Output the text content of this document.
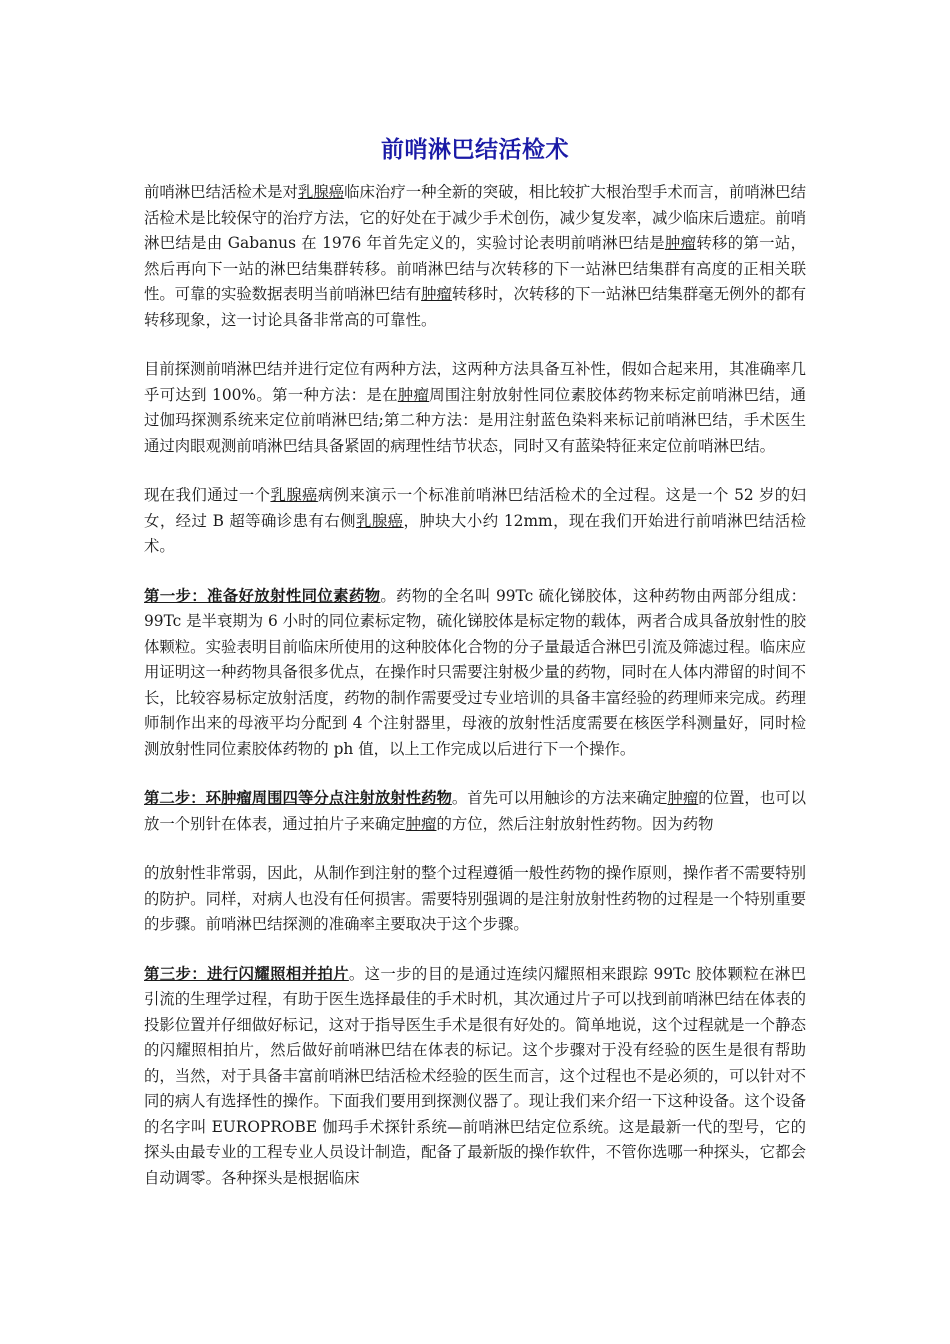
前哨淋巴结活检术

前哨淋巴结活检术是对乳腺癌临床治疗一种全新的突破，相比较扩大根治型手术而言，前哨淋巴结活检术是比较保守的治疗方法，它的好处在于减少手术创伤，减少复发率，减少临床后遗症。前哨淋巴结是由 Gabanus 在 1976 年首先定义的，实验讨论表明前哨淋巴结是肿瘤转移的第一站，然后再向下一站的淋巴结集群转移。前哨淋巴结与次转移的下一站淋巴结集群有高度的正相关联性。可靠的实验数据表明当前哨淋巴结有肿瘤转移时，次转移的下一站淋巴结集群毫无例外的都有转移现象，这一讨论具备非常高的可靠性。

目前探测前哨淋巴结并进行定位有两种方法，这两种方法具备互补性，假如合起来用，其准确率几乎可达到 100%。第一种方法：是在肿瘤周围注射放射性同位素胶体药物来标定前哨淋巴结，通过伽玛探测系统来定位前哨淋巴结;第二种方法：是用注射蓝色染料来标记前哨淋巴结，手术医生通过肉眼观测前哨淋巴结具备紧固的病理性结节状态，同时又有蓝染特征来定位前哨淋巴结。

现在我们通过一个乳腺癌病例来演示一个标准前哨淋巴结活检术的全过程。这是一个 52 岁的妇女，经过 B 超等确诊患有右侧乳腺癌，肿块大小约 12mm，现在我们开始进行前哨淋巴结活检术。

第一步：准备好放射性同位素药物。药物的全名叫 99Tc 硫化锑胶体，这种药物由两部分组成：99Tc 是半衰期为 6 小时的同位素标定物，硫化锑胶体是标定物的载体，两者合成具备放射性的胶体颗粒。实验表明目前临床所使用的这种胶体化合物的分子量最适合淋巴引流及筛滤过程。临床应用证明这一种药物具备很多优点，在操作时只需要注射极少量的药物，同时在人体内滞留的时间不长，比较容易标定放射活度，药物的制作需要受过专业培训的具备丰富经验的药理师来完成。药理师制作出来的母液平均分配到 4 个注射器里，母液的放射性活度需要在核医学科测量好，同时检测放射性同位素胶体药物的 ph 值，以上工作完成以后进行下一个操作。

第二步：环肿瘤周围四等分点注射放射性药物。首先可以用触诊的方法来确定肿瘤的位置，也可以放一个别针在体表，通过拍片子来确定肿瘤的方位，然后注射放射性药物。因为药物

的放射性非常弱，因此，从制作到注射的整个过程遵循一般性药物的操作原则，操作者不需要特别的防护。同样，对病人也没有任何损害。需要特别强调的是注射放射性药物的过程是一个特别重要的步骤。前哨淋巴结探测的准确率主要取决于这个步骤。

第三步：进行闪耀照相并拍片。这一步的目的是通过连续闪耀照相来跟踪 99Tc 胶体颗粒在淋巴引流的生理学过程，有助于医生选择最佳的手术时机，其次通过片子可以找到前哨淋巴结在体表的投影位置并仔细做好标记，这对于指导医生手术是很有好处的。简单地说，这个过程就是一个静态的闪耀照相拍片，然后做好前哨淋巴结在体表的标记。这个步骤对于没有经验的医生是很有帮助的，当然，对于具备丰富前哨淋巴结活检术经验的医生而言，这个过程也不是必须的，可以针对不同的病人有选择性的操作。下面我们要用到探测仪器了。现让我们来介绍一下这种设备。这个设备的名字叫 EUROPROBE 伽玛手术探针系统—前哨淋巴结定位系统。这是最新一代的型号，它的探头由最专业的工程专业人员设计制造，配备了最新版的操作软件，不管你选哪一种探头，它都会自动调零。各种探头是根据临床
